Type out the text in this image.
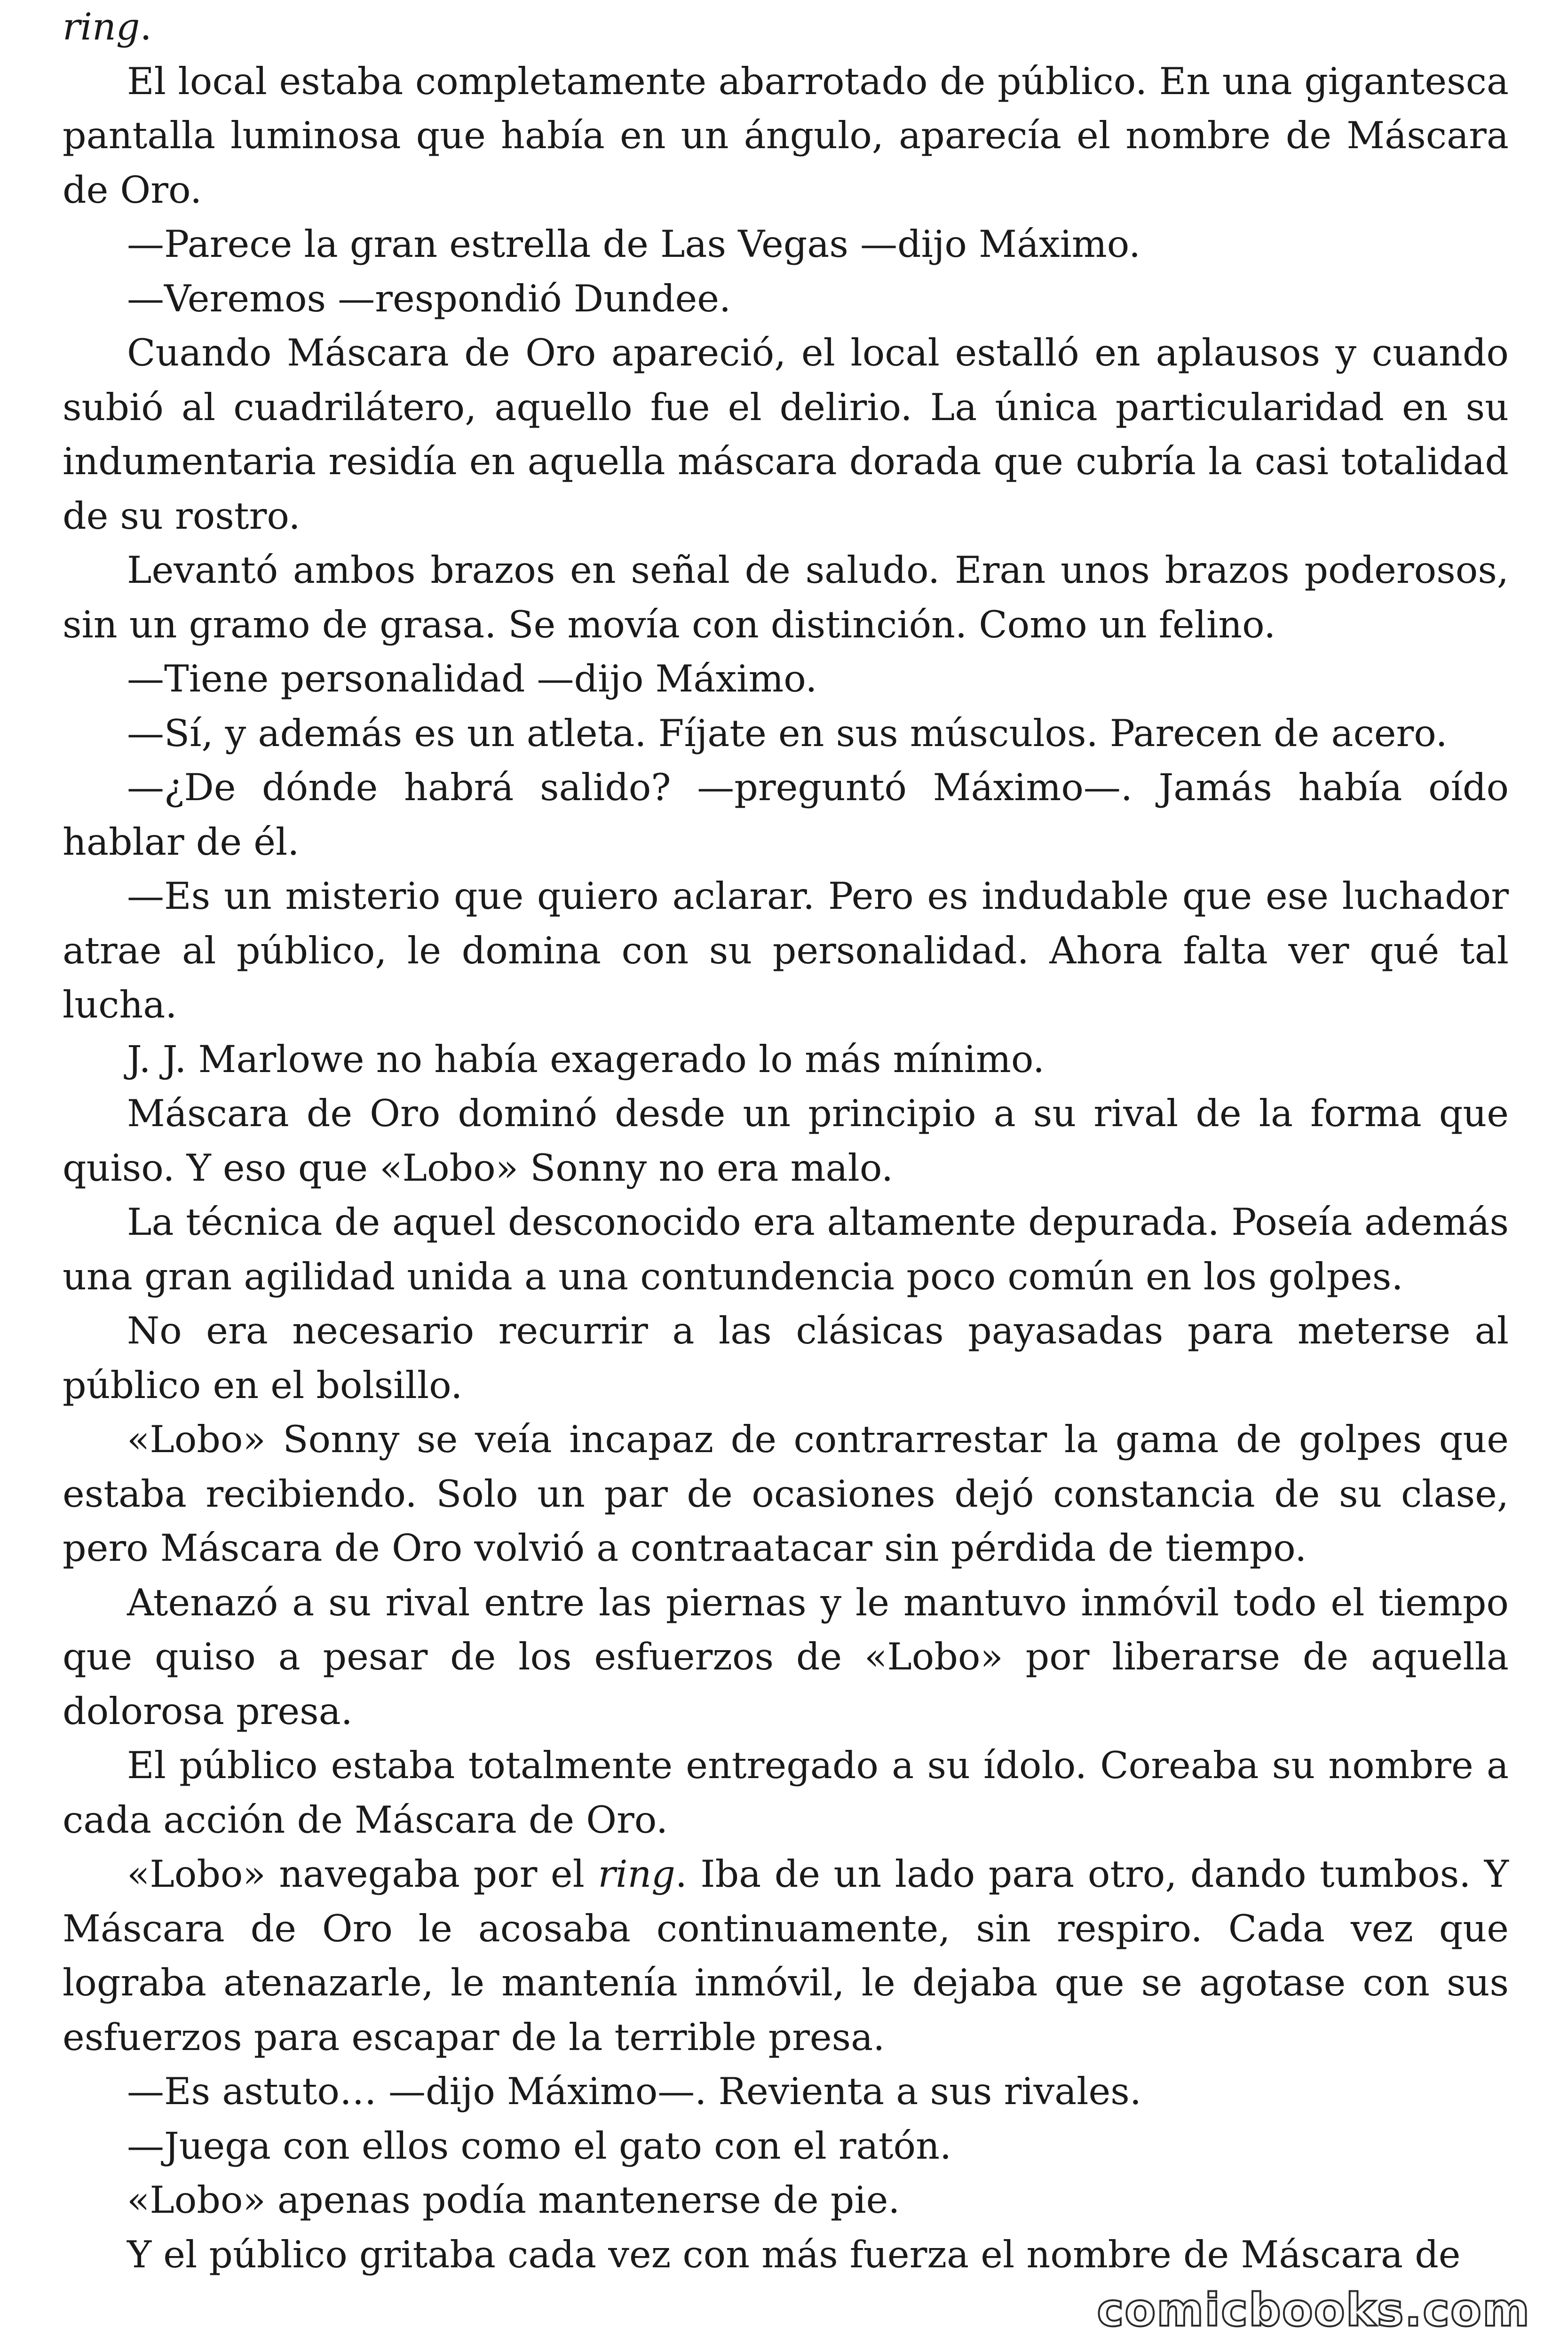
ring.

El local estaba completamente abarrotado de público. En una gigantesca pantalla luminosa que había en un ángulo, aparecía el nombre de Máscara de Oro.

—Parece la gran estrella de Las Vegas —dijo Máximo.

—Veremos —respondió Dundee.

Cuando Máscara de Oro apareció, el local estalló en aplausos y cuando subió al cuadrilátero, aquello fue el delirio. La única particularidad en su indumentaria residía en aquella máscara dorada que cubría la casi totalidad de su rostro.

Levantó ambos brazos en señal de saludo. Eran unos brazos poderosos, sin un gramo de grasa. Se movía con distinción. Como un felino.

—Tiene personalidad —dijo Máximo.

—Sí, y además es un atleta. Fíjate en sus músculos. Parecen de acero.

—¿De dónde habrá salido? —preguntó Máximo—. Jamás había oído hablar de él.

—Es un misterio que quiero aclarar. Pero es indudable que ese luchador atrae al público, le domina con su personalidad. Ahora falta ver qué tal lucha.

J. J. Marlowe no había exagerado lo más mínimo.

Máscara de Oro dominó desde un principio a su rival de la forma que quiso. Y eso que «Lobo» Sonny no era malo.

La técnica de aquel desconocido era altamente depurada. Poseía además una gran agilidad unida a una contundencia poco común en los golpes.

No era necesario recurrir a las clásicas payasadas para meterse al público en el bolsillo.

«Lobo» Sonny se veía incapaz de contrarrestar la gama de golpes que estaba recibiendo. Solo un par de ocasiones dejó constancia de su clase, pero Máscara de Oro volvió a contraatacar sin pérdida de tiempo.

Atenazó a su rival entre las piernas y le mantuvo inmóvil todo el tiempo que quiso a pesar de los esfuerzos de «Lobo» por liberarse de aquella dolorosa presa.

El público estaba totalmente entregado a su ídolo. Coreaba su nombre a cada acción de Máscara de Oro.

«Lobo» navegaba por el ring. Iba de un lado para otro, dando tumbos. Y Máscara de Oro le acosaba continuamente, sin respiro. Cada vez que lograba atenazarle, le mantenía inmóvil, le dejaba que se agotase con sus esfuerzos para escapar de la terrible presa.

—Es astuto… —dijo Máximo—. Revienta a sus rivales.

—Juega con ellos como el gato con el ratón.

«Lobo» apenas podía mantenerse de pie.

Y el público gritaba cada vez con más fuerza el nombre de Máscara de

comicbooks.com
